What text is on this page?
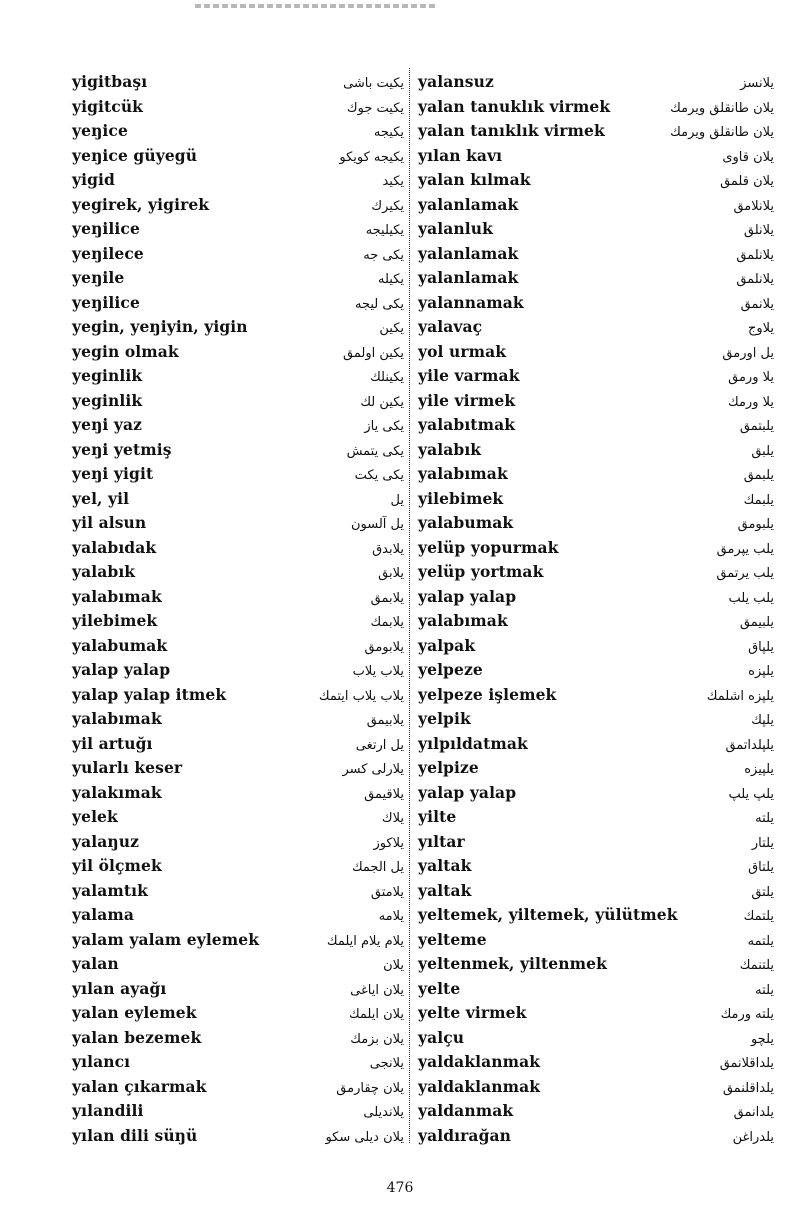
yigitbaşı	یکیت باشی
yigitcük	یکیت جوك
yeŋice	یکیجه
yeŋice güyegü	یکیجه کویکو
yigid	یکید
yegirek, yigirek	یکیرك
yeŋilice	یکیلیجه
yeŋilece	یکی جه
yeŋile	یکیله
yeŋilice	یکی لیجه
yegin, yeŋiyin, yigin	یکین
yegin olmak	یکین اولمق
yeginlik	یکینلك
yeginlik	یکین لك
yeŋi yaz	یکی یاز
yeŋi yetmiş	یکی یتمش
yeŋi yigit	یکی یکت
yel, yil	یل
yil alsun	یل آلسون
yalabıdak	یلابدق
yalabık	یلابق
yalabımak	یلابمق
yilebimek	یلابمك
yalabumak	یلابومق
yalap yalap	یلاب یلاب
yalap yalap itmek	یلاب یلاب ایتمك
yalabımak	یلابیمق
yil artuğı	یل ارتغی
yularlı keser	یلارلی کسر
yalakımak	یلاقیمق
yelek	یلاك
yalaŋuz	یلاکوز
yil ölçmek	یل الجمك
yalamtık	یلامتق
yalama	یلامه
yalam yalam eylemek	یلام یلام ایلمك
yalan	یلان
yılan ayağı	یلان ایاغی
yalan eylemek	یلان ایلمك
yalan bezemek	یلان بزمك
yılancı	یلانجی
yalan çıkarmak	یلان چقارمق
yılandili	یلاندیلی
yılan dili süŋü	یلان دیلی سکو
yalansuz	یلانسز
yalan tanuklık virmek	یلان طانقلق ویرمك
yalan tanıklık virmek	یلان طانقلق ویرمك
yılan kavı	یلان قاوی
yalan kılmak	یلان قلمق
yalanlamak	یلانلامق
yalanluk	یلانلق
yalanlamak	یلانلمق
yalanlamak	یلانلمق
yalannamak	یلانمق
yalavaç	یلاوج
yol urmak	یل اورمق
yile varmak	یلا ورمق
yile virmek	یلا ورمك
yalabıtmak	یلبتمق
yalabık	یلبق
yalabımak	یلبمق
yilebimek	یلبمك
yalabumak	یلبومق
yelüp yopurmak	یلب یپرمق
yelüp yortmak	یلب یرتمق
yalap yalap	یلب یلب
yalabımak	یلبیمق
yalpak	یلپاق
yelpeze	یلپزه
yelpeze işlemek	یلپزه اشلمك
yelpik	یلپك
yılpıldatmak	یلپلداتمق
yelpize	یلپیزه
yalap yalap	یلپ یلپ
yilte	یلته
yıltar	یلتار
yaltak	یلتاق
yaltak	یلتق
yeltemek, yiltemek, yülütmek	یلتمك
yelteme	یلتمه
yeltenmek, yiltenmek	یلتنمك
yelte	یلته
yelte virmek	یلته ورمك
yalçu	یلچو
yaldaklanmak	یلداقلانمق
yaldaklanmak	یلداقلنمق
yaldanmak	یلدانمق
yaldırağan	یلدراغن
476
